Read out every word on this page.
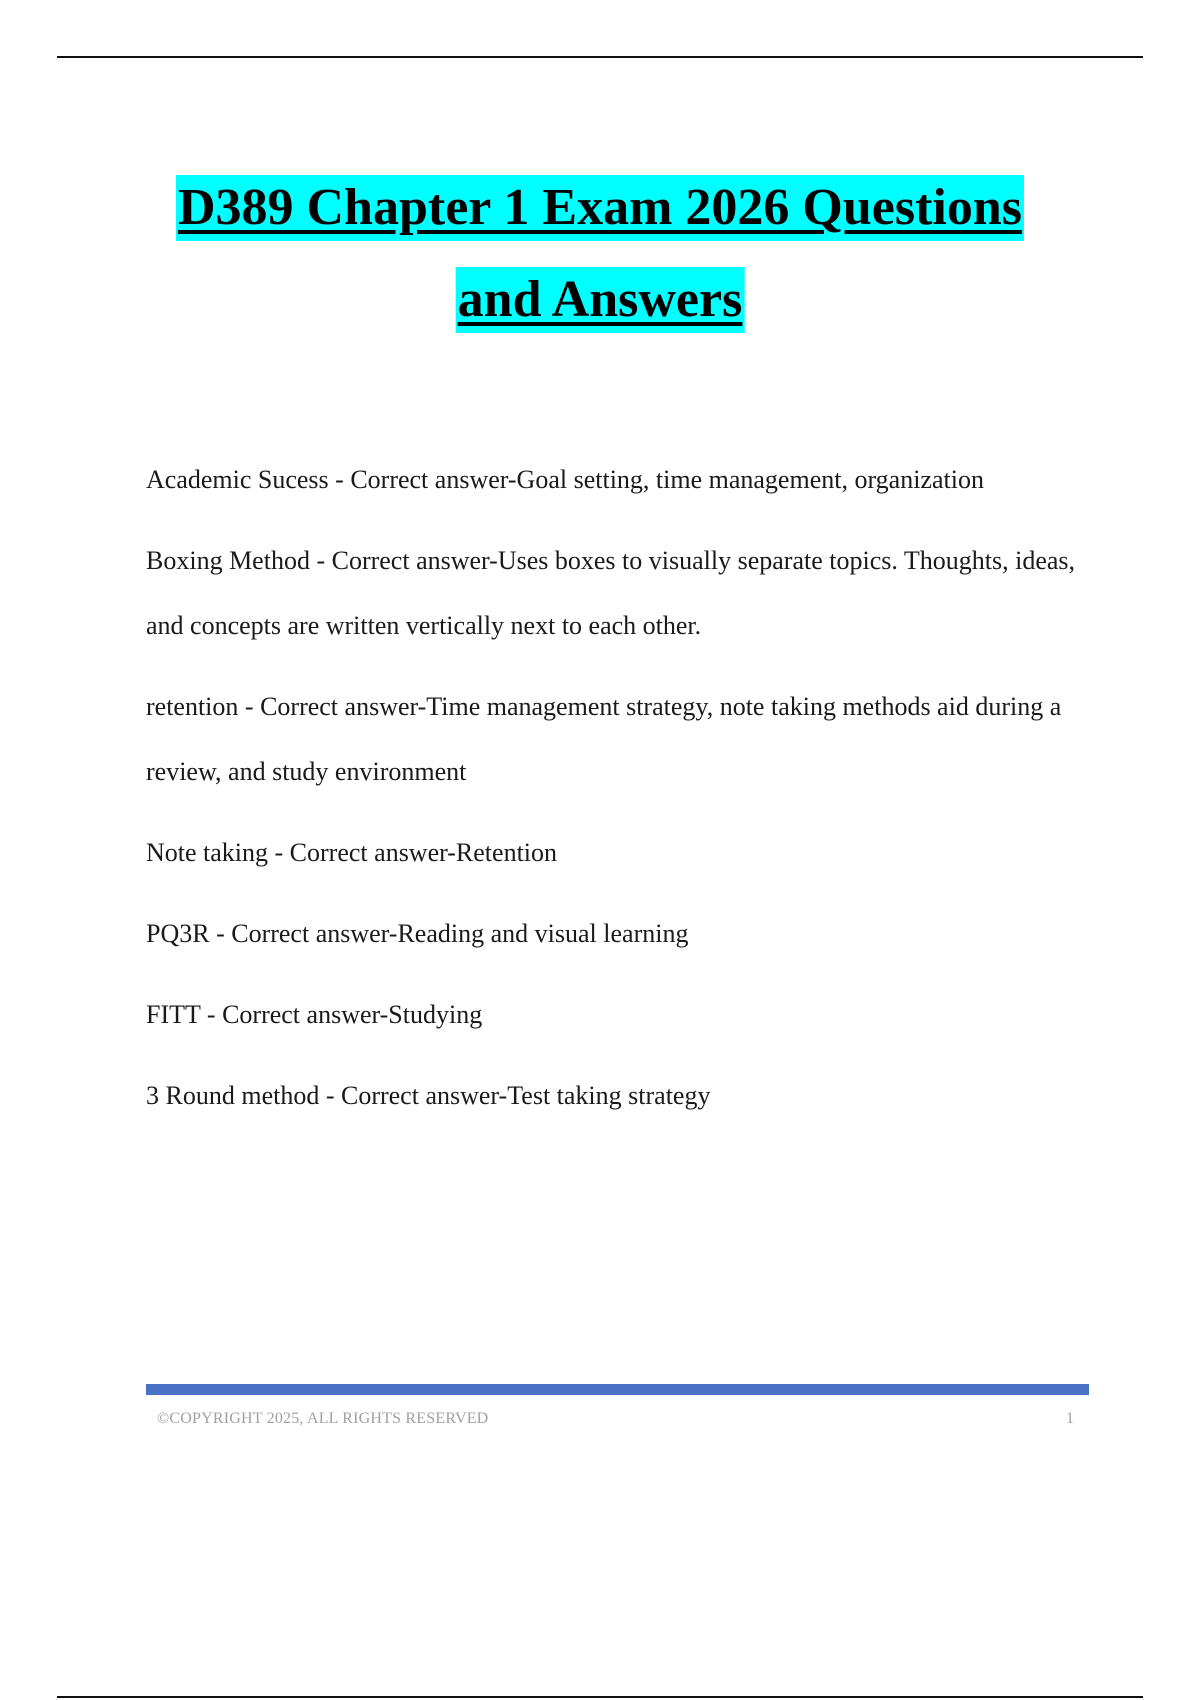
D389 Chapter 1 Exam 2026 Questions
and Answers

Academic Sucess - Correct answer-Goal setting, time management, organization

Boxing Method - Correct answer-Uses boxes to visually separate topics. Thoughts, ideas, and concepts are written vertically next to each other.

retention - Correct answer-Time management strategy, note taking methods aid during a review, and study environment

Note taking - Correct answer-Retention

PQ3R - Correct answer-Reading and visual learning

FITT - Correct answer-Studying

3 Round method - Correct answer-Test taking strategy

©COPYRIGHT 2025, ALL RIGHTS RESERVED	1
